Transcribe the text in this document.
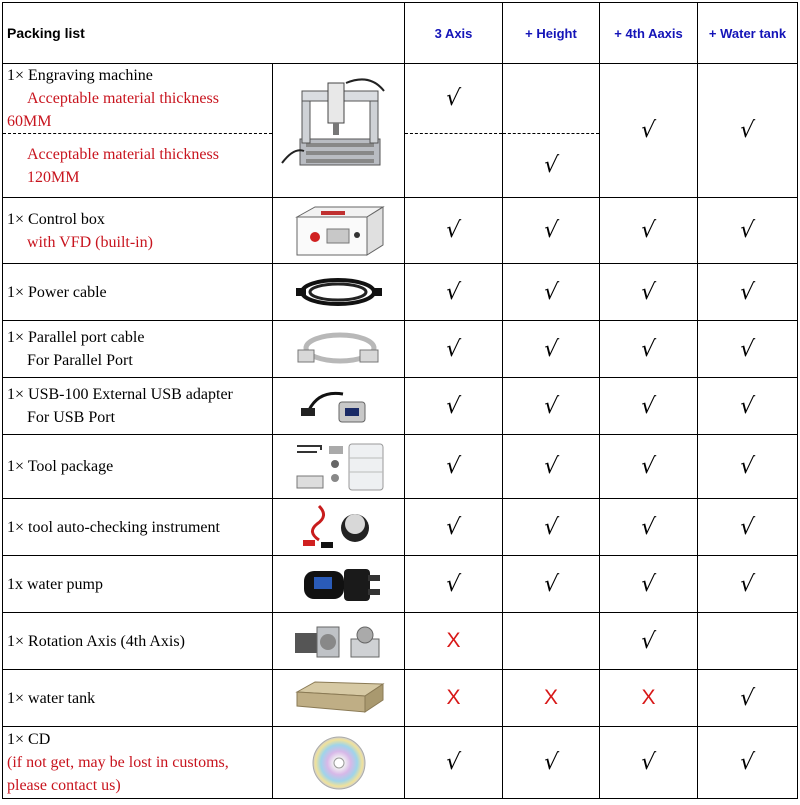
Packing list		3 Axis	+ Height	+ 4th Aaxis	+ Water tank
1× Engraving machine
Acceptable material thickness
60MM		√		√	√
Acceptable material thickness
120MM			√		
1× Control box
with VFD (built-in)		√	√	√	√
1× Power cable		√	√	√	√
1× Parallel port cable
For Parallel Port		√	√	√	√
1× USB-100 External USB adapter
For USB Port		√	√	√	√
1× Tool package		√	√	√	√
1× tool auto-checking instrument		√	√	√	√
1x water pump		√	√	√	√
1× Rotation Axis (4th Axis)		X		√	
1× water tank		X	X	X	√
1× CD
(if not get, may be lost in customs,
please contact us)		√	√	√	√
